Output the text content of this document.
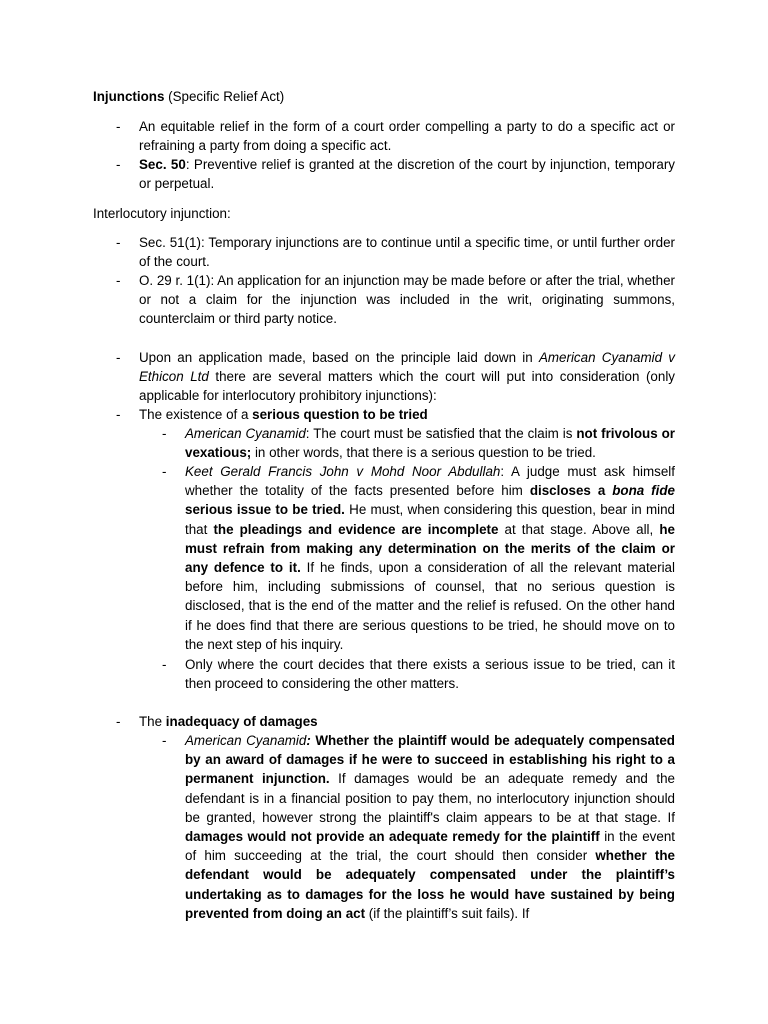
Injunctions (Specific Relief Act)

-	An equitable relief in the form of a court order compelling a party to do a specific act or refraining a party from doing a specific act.

-	Sec. 50: Preventive relief is granted at the discretion of the court by injunction, temporary or perpetual.

Interlocutory injunction:

-	Sec. 51(1): Temporary injunctions are to continue until a specific time, or until further order of the court.

-	O. 29 r. 1(1): An application for an injunction may be made before or after the trial, whether or not a claim for the injunction was included in the writ, originating summons, counterclaim or third party notice.

-	Upon an application made, based on the principle laid down in American Cyanamid v Ethicon Ltd there are several matters which the court will put into consideration (only applicable for interlocutory prohibitory injunctions):

-	The existence of a serious question to be tried

-	American Cyanamid: The court must be satisfied that the claim is not frivolous or vexatious; in other words, that there is a serious question to be tried.

-	Keet Gerald Francis John v Mohd Noor Abdullah: A judge must ask himself whether the totality of the facts presented before him discloses a bona fide serious issue to be tried. He must, when considering this question, bear in mind that the pleadings and evidence are incomplete at that stage. Above all, he must refrain from making any determination on the merits of the claim or any defence to it. If he finds, upon a consideration of all the relevant material before him, including submissions of counsel, that no serious question is disclosed, that is the end of the matter and the relief is refused. On the other hand if he does find that there are serious questions to be tried, he should move on to the next step of his inquiry.

-	Only where the court decides that there exists a serious issue to be tried, can it then proceed to considering the other matters.

-	The inadequacy of damages

-	American Cyanamid: Whether the plaintiff would be adequately compensated by an award of damages if he were to succeed in establishing his right to a permanent injunction. If damages would be an adequate remedy and the defendant is in a financial position to pay them, no interlocutory injunction should be granted, however strong the plaintiff's claim appears to be at that stage. If damages would not provide an adequate remedy for the plaintiff in the event of him succeeding at the trial, the court should then consider whether the defendant would be adequately compensated under the plaintiff’s undertaking as to damages for the loss he would have sustained by being prevented from doing an act (if the plaintiff’s suit fails). If
